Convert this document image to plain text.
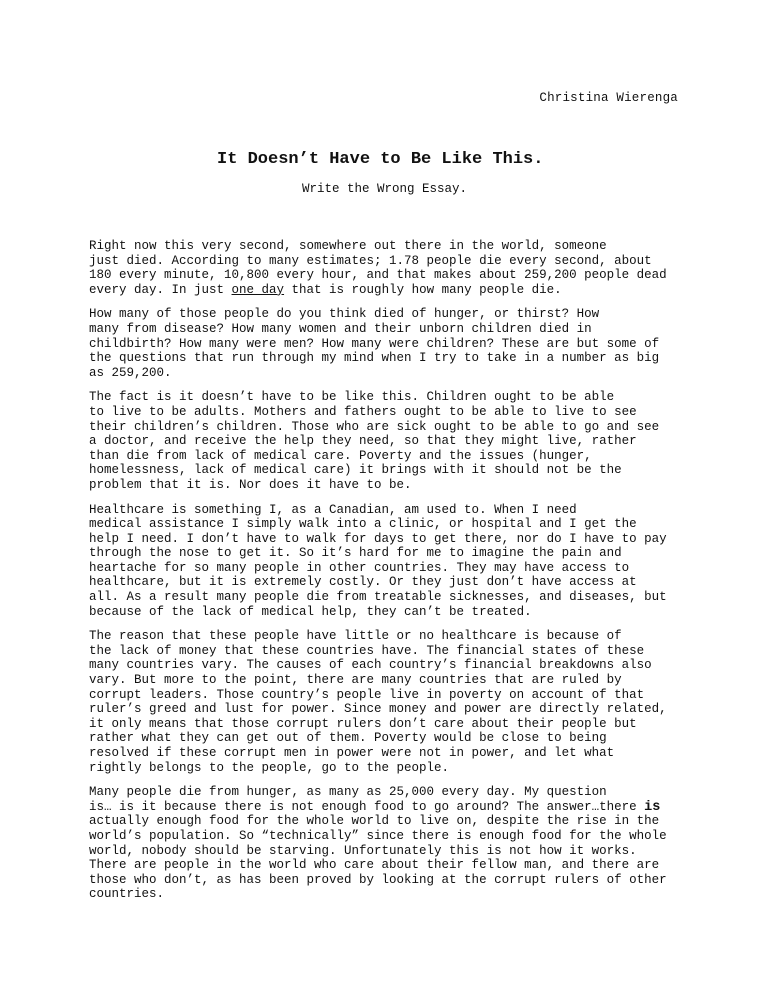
Christina Wierenga
It Doesn’t Have to Be Like This.
Write the Wrong Essay.
Right now this very second, somewhere out there in the world, someone
just died. According to many estimates; 1.78 people die every second, about
180 every minute, 10,800 every hour, and that makes about 259,200 people dead
every day. In just one day that is roughly how many people die.
How many of those people do you think died of hunger, or thirst? How
many from disease? How many women and their unborn children died in
childbirth? How many were men? How many were children? These are but some of
the questions that run through my mind when I try to take in a number as big
as 259,200.
The fact is it doesn’t have to be like this. Children ought to be able
to live to be adults. Mothers and fathers ought to be able to live to see
their children’s children. Those who are sick ought to be able to go and see
a doctor, and receive the help they need, so that they might live, rather
than die from lack of medical care. Poverty and the issues (hunger,
homelessness, lack of medical care) it brings with it should not be the
problem that it is. Nor does it have to be.
Healthcare is something I, as a Canadian, am used to. When I need
medical assistance I simply walk into a clinic, or hospital and I get the
help I need. I don’t have to walk for days to get there, nor do I have to pay
through the nose to get it. So it’s hard for me to imagine the pain and
heartache for so many people in other countries. They may have access to
healthcare, but it is extremely costly. Or they just don’t have access at
all. As a result many people die from treatable sicknesses, and diseases, but
because of the lack of medical help, they can’t be treated.
The reason that these people have little or no healthcare is because of
the lack of money that these countries have. The financial states of these
many countries vary. The causes of each country’s financial breakdowns also
vary. But more to the point, there are many countries that are ruled by
corrupt leaders. Those country’s people live in poverty on account of that
ruler’s greed and lust for power. Since money and power are directly related,
it only means that those corrupt rulers don’t care about their people but
rather what they can get out of them. Poverty would be close to being
resolved if these corrupt men in power were not in power, and let what
rightly belongs to the people, go to the people.
Many people die from hunger, as many as 25,000 every day. My question
is… is it because there is not enough food to go around? The answer…there is
actually enough food for the whole world to live on, despite the rise in the
world’s population. So “technically” since there is enough food for the whole
world, nobody should be starving. Unfortunately this is not how it works.
There are people in the world who care about their fellow man, and there are
those who don’t, as has been proved by looking at the corrupt rulers of other
countries.
